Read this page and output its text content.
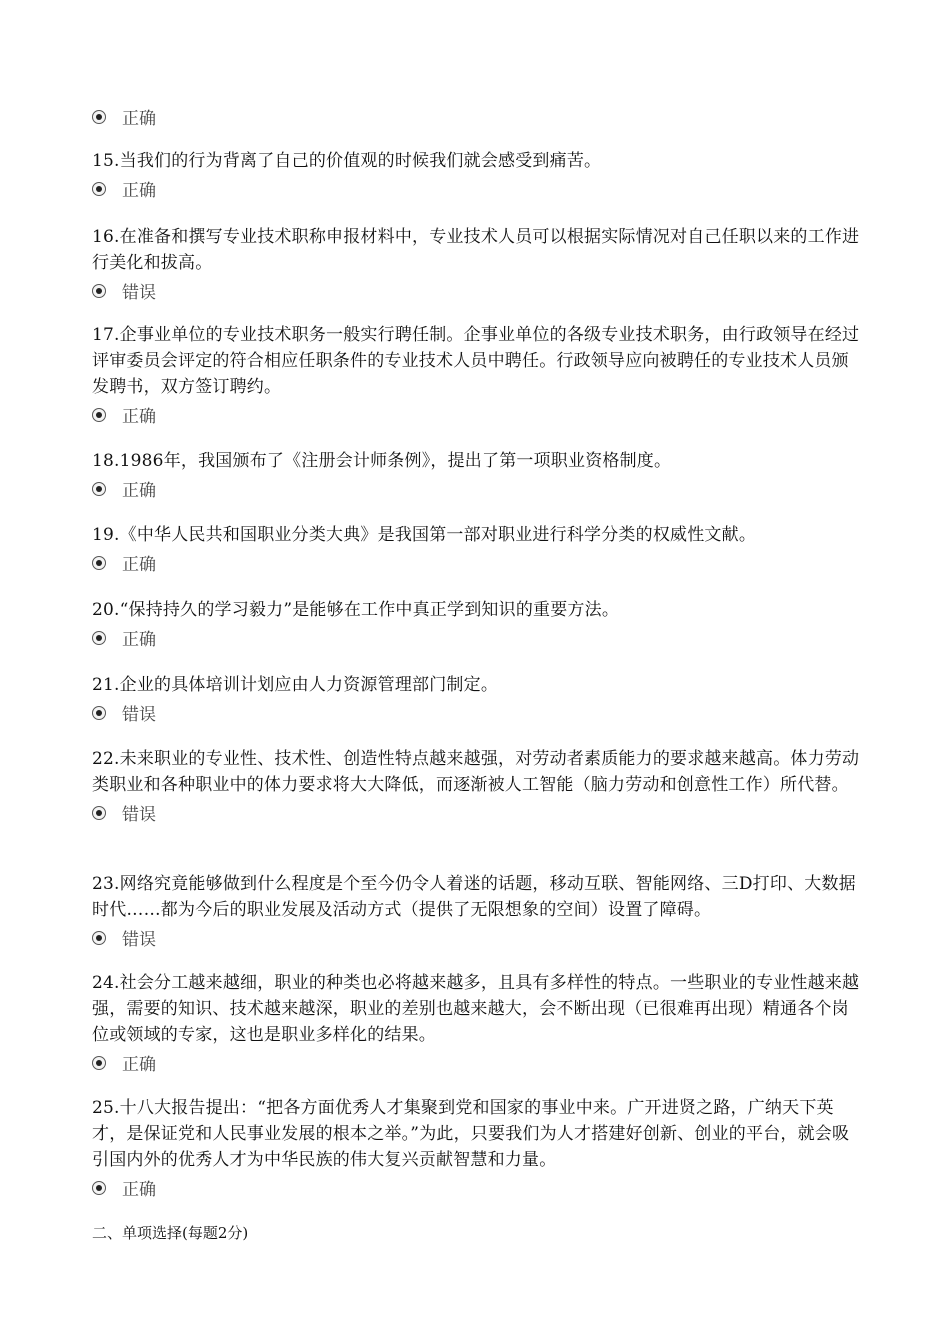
正确

15.当我们的行为背离了自己的价值观的时候我们就会感受到痛苦。

正确

16.在准备和撰写专业技术职称申报材料中，专业技术人员可以根据实际情况对自己任职以来的工作进行美化和拔高。

错误

17.企事业单位的专业技术职务一般实行聘任制。企事业单位的各级专业技术职务，由行政领导在经过评审委员会评定的符合相应任职条件的专业技术人员中聘任。行政领导应向被聘任的专业技术人员颁发聘书，双方签订聘约。

正确

18.1986年，我国颁布了《注册会计师条例》，提出了第一项职业资格制度。

正确

19.《中华人民共和国职业分类大典》是我国第一部对职业进行科学分类的权威性文献。

正确

20.“保持持久的学习毅力”是能够在工作中真正学到知识的重要方法。

正确

21.企业的具体培训计划应由人力资源管理部门制定。

错误

22.未来职业的专业性、技术性、创造性特点越来越强，对劳动者素质能力的要求越来越高。体力劳动类职业和各种职业中的体力要求将大大降低，而逐渐被人工智能（脑力劳动和创意性工作）所代替。

错误

23.网络究竟能够做到什么程度是个至今仍令人着迷的话题，移动互联、智能网络、三D打印、大数据时代……都为今后的职业发展及活动方式（提供了无限想象的空间）设置了障碍。

错误

24.社会分工越来越细，职业的种类也必将越来越多，且具有多样性的特点。一些职业的专业性越来越强，需要的知识、技术越来越深，职业的差别也越来越大，会不断出现（已很难再出现）精通各个岗位或领域的专家，这也是职业多样化的结果。

正确

25.十八大报告提出：“把各方面优秀人才集聚到党和国家的事业中来。广开进贤之路，广纳天下英才，是保证党和人民事业发展的根本之举。”为此，只要我们为人才搭建好创新、创业的平台，就会吸引国内外的优秀人才为中华民族的伟大复兴贡献智慧和力量。

正确

二、单项选择(每题2分)
